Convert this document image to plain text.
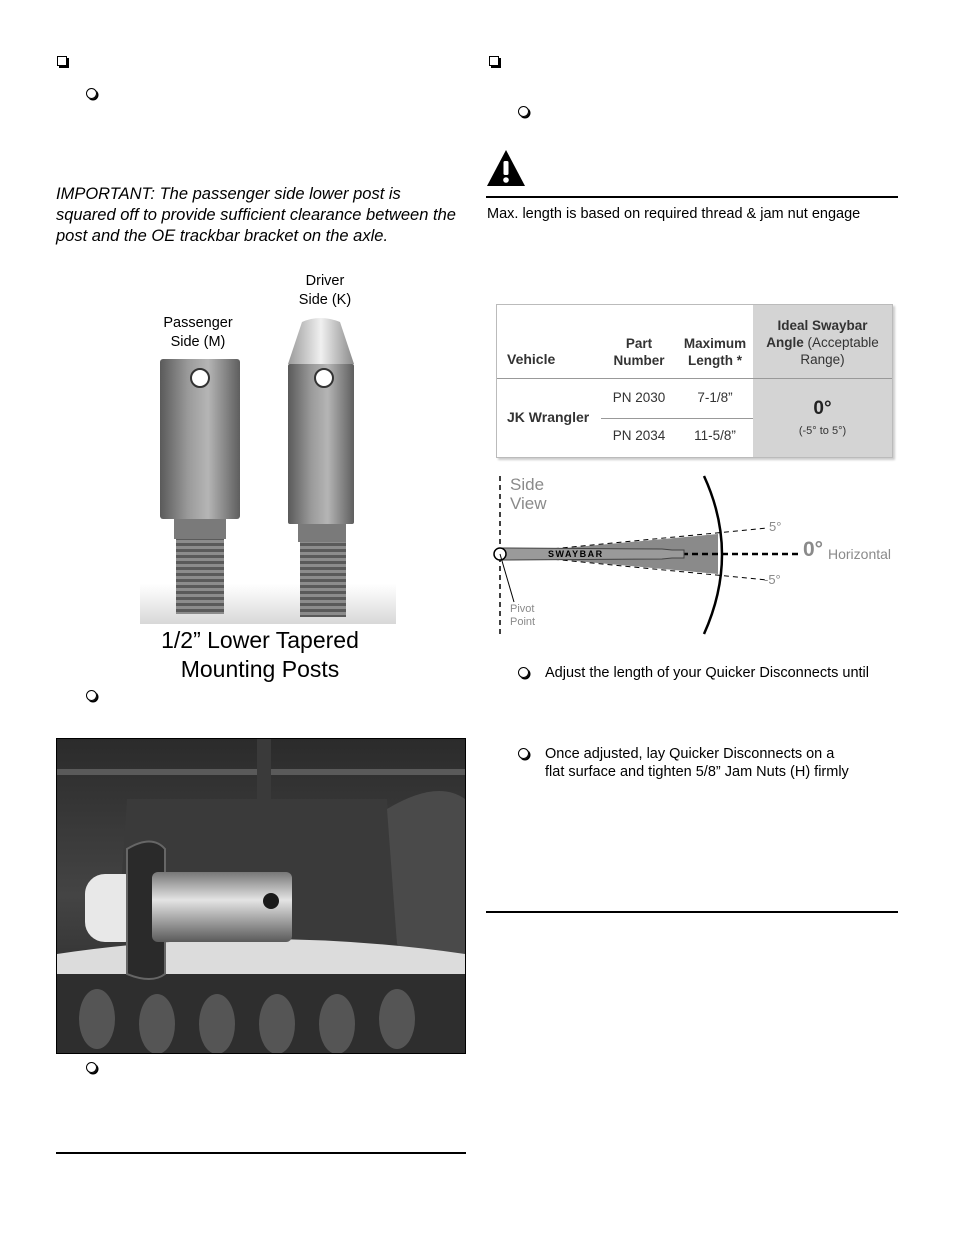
IMPORTANT: The passenger side lower post is squared off to provide sufficient clearance between the post and the OE trackbar bracket on the axle.
Driver
Side (K)
Passenger
Side (M)
1/2” Lower Tapered
Mounting Posts
Max. length is based on required thread & jam nut engage
Vehicle
Part
Number
Maximum
Length *
Ideal Swaybar
Angle (Acceptable
Range)
JK Wrangler
PN 2030	7-1/8”
PN 2034	11-5/8”
0°
(-5° to 5°)
Side
View
SWAYBAR
5°
-5°
0° Horizontal
Pivot
Point
Adjust the length of your Quicker Disconnects until
Once adjusted, lay Quicker Disconnects on a
flat surface and tighten 5/8” Jam Nuts (H) firmly
